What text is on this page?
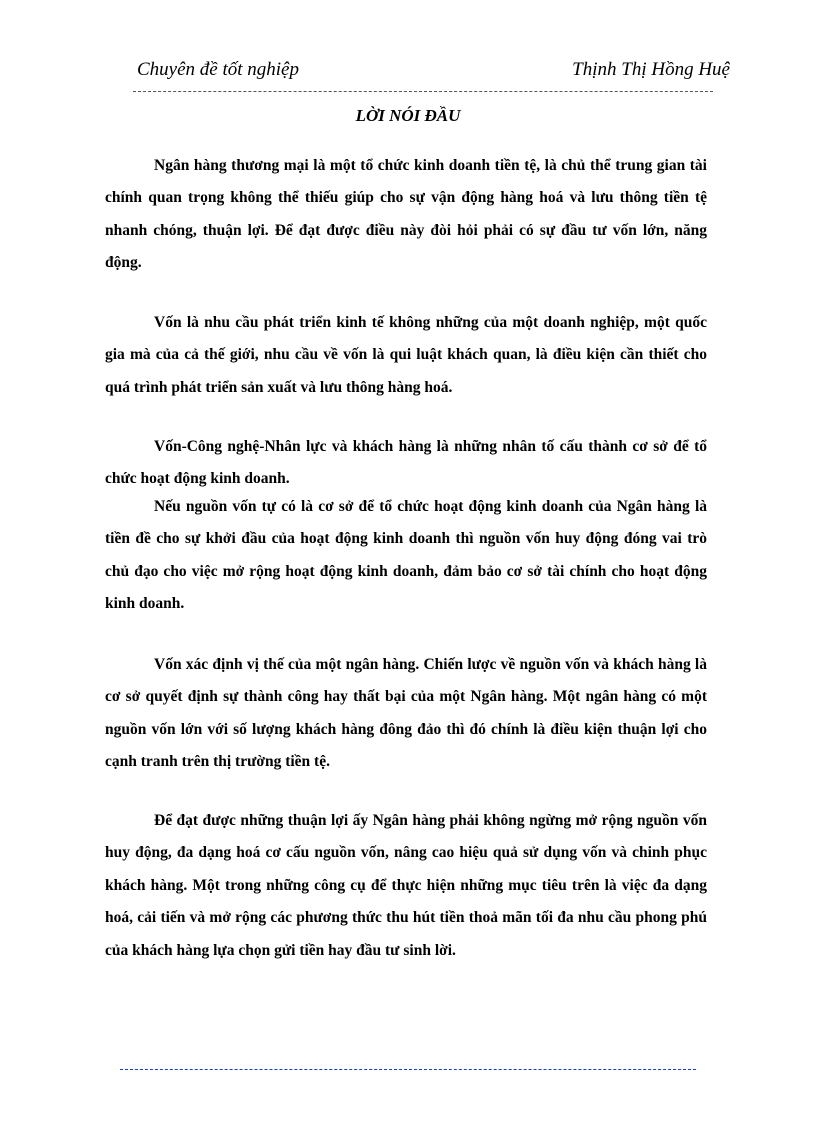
Chuyên đề tốt nghiệp	Thịnh Thị Hồng Huệ
LỜI NÓI ĐẦU

Ngân hàng thương mại là một tổ chức kinh doanh tiền tệ, là chủ thể trung gian tài chính quan trọng không thể thiếu giúp cho sự vận động hàng hoá và lưu thông tiền tệ nhanh chóng, thuận lợi. Để đạt được điều này đòi hỏi phải có sự đầu tư vốn lớn, năng động.

Vốn là nhu cầu phát triển kinh tế không những của một doanh nghiệp, một quốc gia mà của cả thế giới, nhu cầu về vốn là qui luật khách quan, là điều kiện cần thiết cho quá trình phát triển sản xuất và lưu thông hàng hoá.

Vốn-Công nghệ-Nhân lực và khách hàng là những nhân tố cấu thành cơ sở để tổ chức hoạt động kinh doanh.

Nếu nguồn vốn tự có là cơ sở để tổ chức hoạt động kinh doanh của Ngân hàng là tiền đề cho sự khởi đầu của hoạt động kinh doanh thì nguồn vốn huy động đóng vai trò chủ đạo cho việc mở rộng hoạt động kinh doanh, đảm bảo cơ sở tài chính cho hoạt động kinh doanh.

Vốn xác định vị thế của một ngân hàng. Chiến lược về nguồn vốn và khách hàng là cơ sở quyết định sự thành công hay thất bại của một Ngân hàng. Một ngân hàng có một nguồn vốn lớn với số lượng khách hàng đông đảo thì đó chính là điều kiện thuận lợi cho cạnh tranh trên thị trường tiền tệ.

Để đạt được những thuận lợi ấy Ngân hàng phải không ngừng mở rộng nguồn vốn huy động, đa dạng hoá cơ cấu nguồn vốn, nâng cao hiệu quả sử dụng vốn và chinh phục khách hàng. Một trong những công cụ để thực hiện những mục tiêu trên là việc đa dạng hoá, cải tiến và mở rộng các phương thức thu hút tiền thoả mãn tối đa nhu cầu phong phú của khách hàng lựa chọn gửi tiền hay đầu tư sinh lời.
